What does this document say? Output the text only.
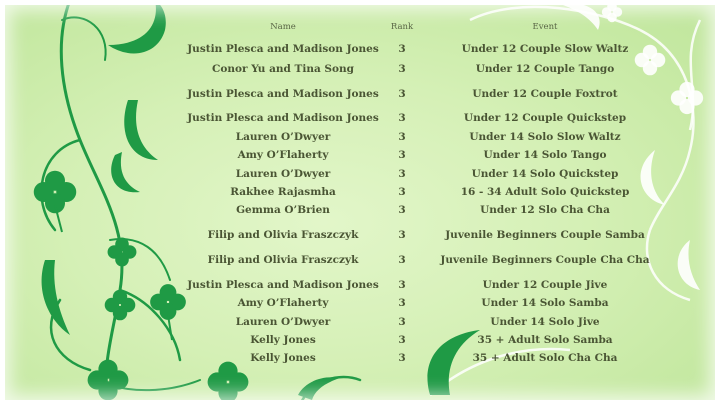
Name	Rank	Event
Justin Plesca and Madison Jones 3	Under 12 Couple Slow Waltz
Conor Yu and Tina Song	3	Under 12 Couple Tango
Justin Plesca and Madison Jones 3	Under 12 Couple Foxtrot
Justin Plesca and Madison Jones 3	Under 12 Couple Quickstep
Lauren O’Dwyer	3	Under 14 Solo Slow Waltz
Amy O’Flaherty	3	Under 14 Solo Tango
Lauren O’Dwyer	3	Under 14 Solo Quickstep
Rakhee Rajasmha	3	16 - 34 Adult Solo Quickstep
Gemma O’Brien	3	Under 12 Slo Cha Cha
Filip and Olivia Fraszczyk	3	Juvenile Beginners Couple Samba
Filip and Olivia Fraszczyk	3	Juvenile Beginners Couple Cha Cha
Justin Plesca and Madison Jones 3	Under 12 Couple Jive
Amy O’Flaherty	3	Under 14 Solo Samba
Lauren O’Dwyer	3	Under 14 Solo Jive
Kelly Jones	3	35 + Adult Solo Samba
Kelly Jones	3	35 + Adult Solo Cha Cha
